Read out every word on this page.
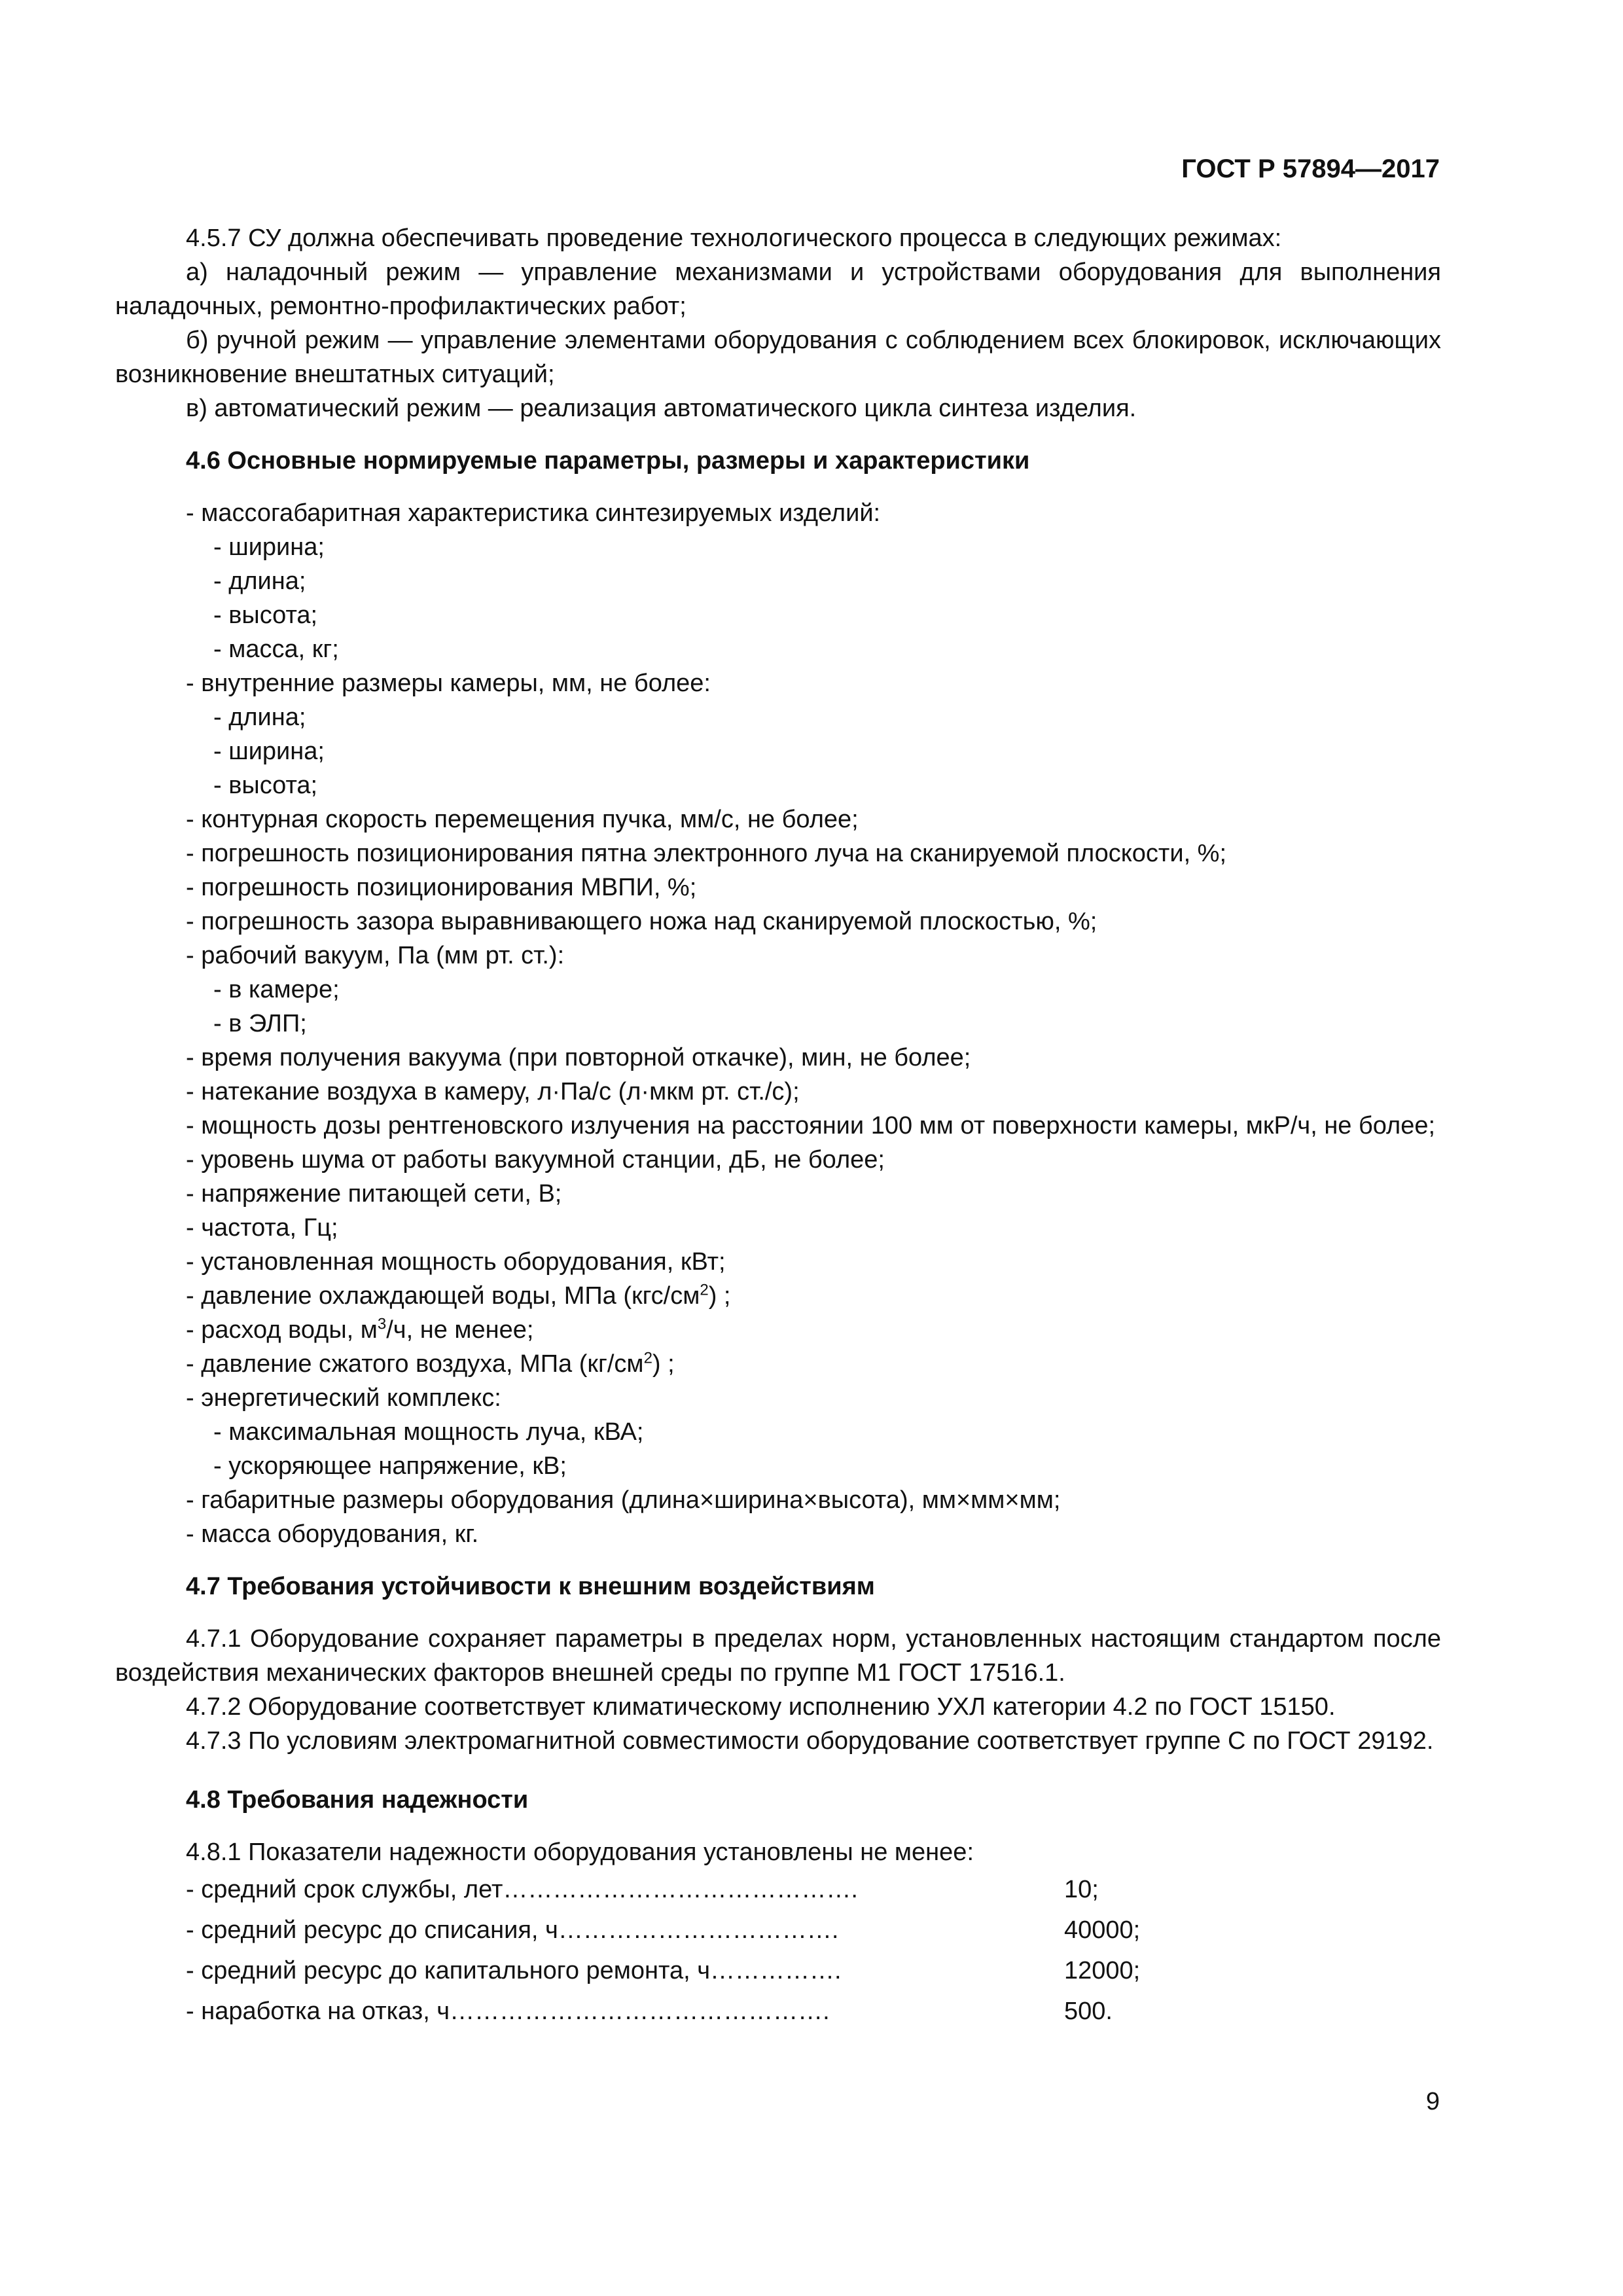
ГОСТ Р 57894—2017

4.5.7 СУ должна обеспечивать проведение технологического процесса в следующих режимах:

а) наладочный режим — управление механизмами и устройствами оборудования для выполнения наладочных, ремонтно-профилактических работ;

б) ручной режим — управление элементами оборудования с соблюдением всех блокировок, исключающих возникновение внештатных ситуаций;

в) автоматический режим — реализация автоматического цикла синтеза изделия.

4.6 Основные нормируемые параметры, размеры и характеристики

- массогабаритная характеристика синтезируемых изделий:

- ширина;

- длина;

- высота;

- масса, кг;

- внутренние размеры камеры, мм, не более:

- длина;

- ширина;

- высота;

- контурная скорость перемещения пучка, мм/с, не более;

- погрешность позиционирования пятна электронного луча на сканируемой плоскости, %;

- погрешность позиционирования МВПИ, %;

- погрешность зазора выравнивающего ножа над сканируемой плоскостью, %;

- рабочий вакуум, Па (мм рт. ст.):

- в камере;

- в ЭЛП;

- время получения вакуума (при повторной откачке), мин, не более;

- натекание воздуха в камеру, л·Па/с (л·мкм рт. ст./с);

- мощность дозы рентгеновского излучения на расстоянии 100 мм от поверхности камеры, мкР/ч, не более;

- уровень шума от работы вакуумной станции, дБ, не более;

- напряжение питающей сети, В;

- частота, Гц;

- установленная мощность оборудования, кВт;

- давление охлаждающей воды, МПа $(кгс/см^2)$ ;

- расход воды, $м^3/ч$, не менее;

- давление сжатого воздуха, МПа $(кг/см^2)$ ;

- энергетический комплекс:

- максимальная мощность луча, кВА;

- ускоряющее напряжение, кВ;

- габаритные размеры оборудования (длина×ширина×высота), мм×мм×мм;

- масса оборудования, кг.

4.7 Требования устойчивости к внешним воздействиям

4.7.1 Оборудование сохраняет параметры в пределах норм, установленных настоящим стандартом после воздействия механических факторов внешней среды по группе М1 ГОСТ 17516.1.

4.7.2 Оборудование соответствует климатическому исполнению УХЛ категории 4.2 по ГОСТ 15150.

4.7.3 По условиям электромагнитной совместимости оборудование соответствует группе С по ГОСТ 29192.

4.8 Требования надежности

4.8.1 Показатели надежности оборудования установлены не менее:

- средний срок службы, лет…………………………………….	10;
- средний ресурс до списания, ч…………………………….	40000;
- средний ресурс до капитального ремонта, ч…………….	12000;
- наработка на отказ, ч……………………………………….	500.
9
